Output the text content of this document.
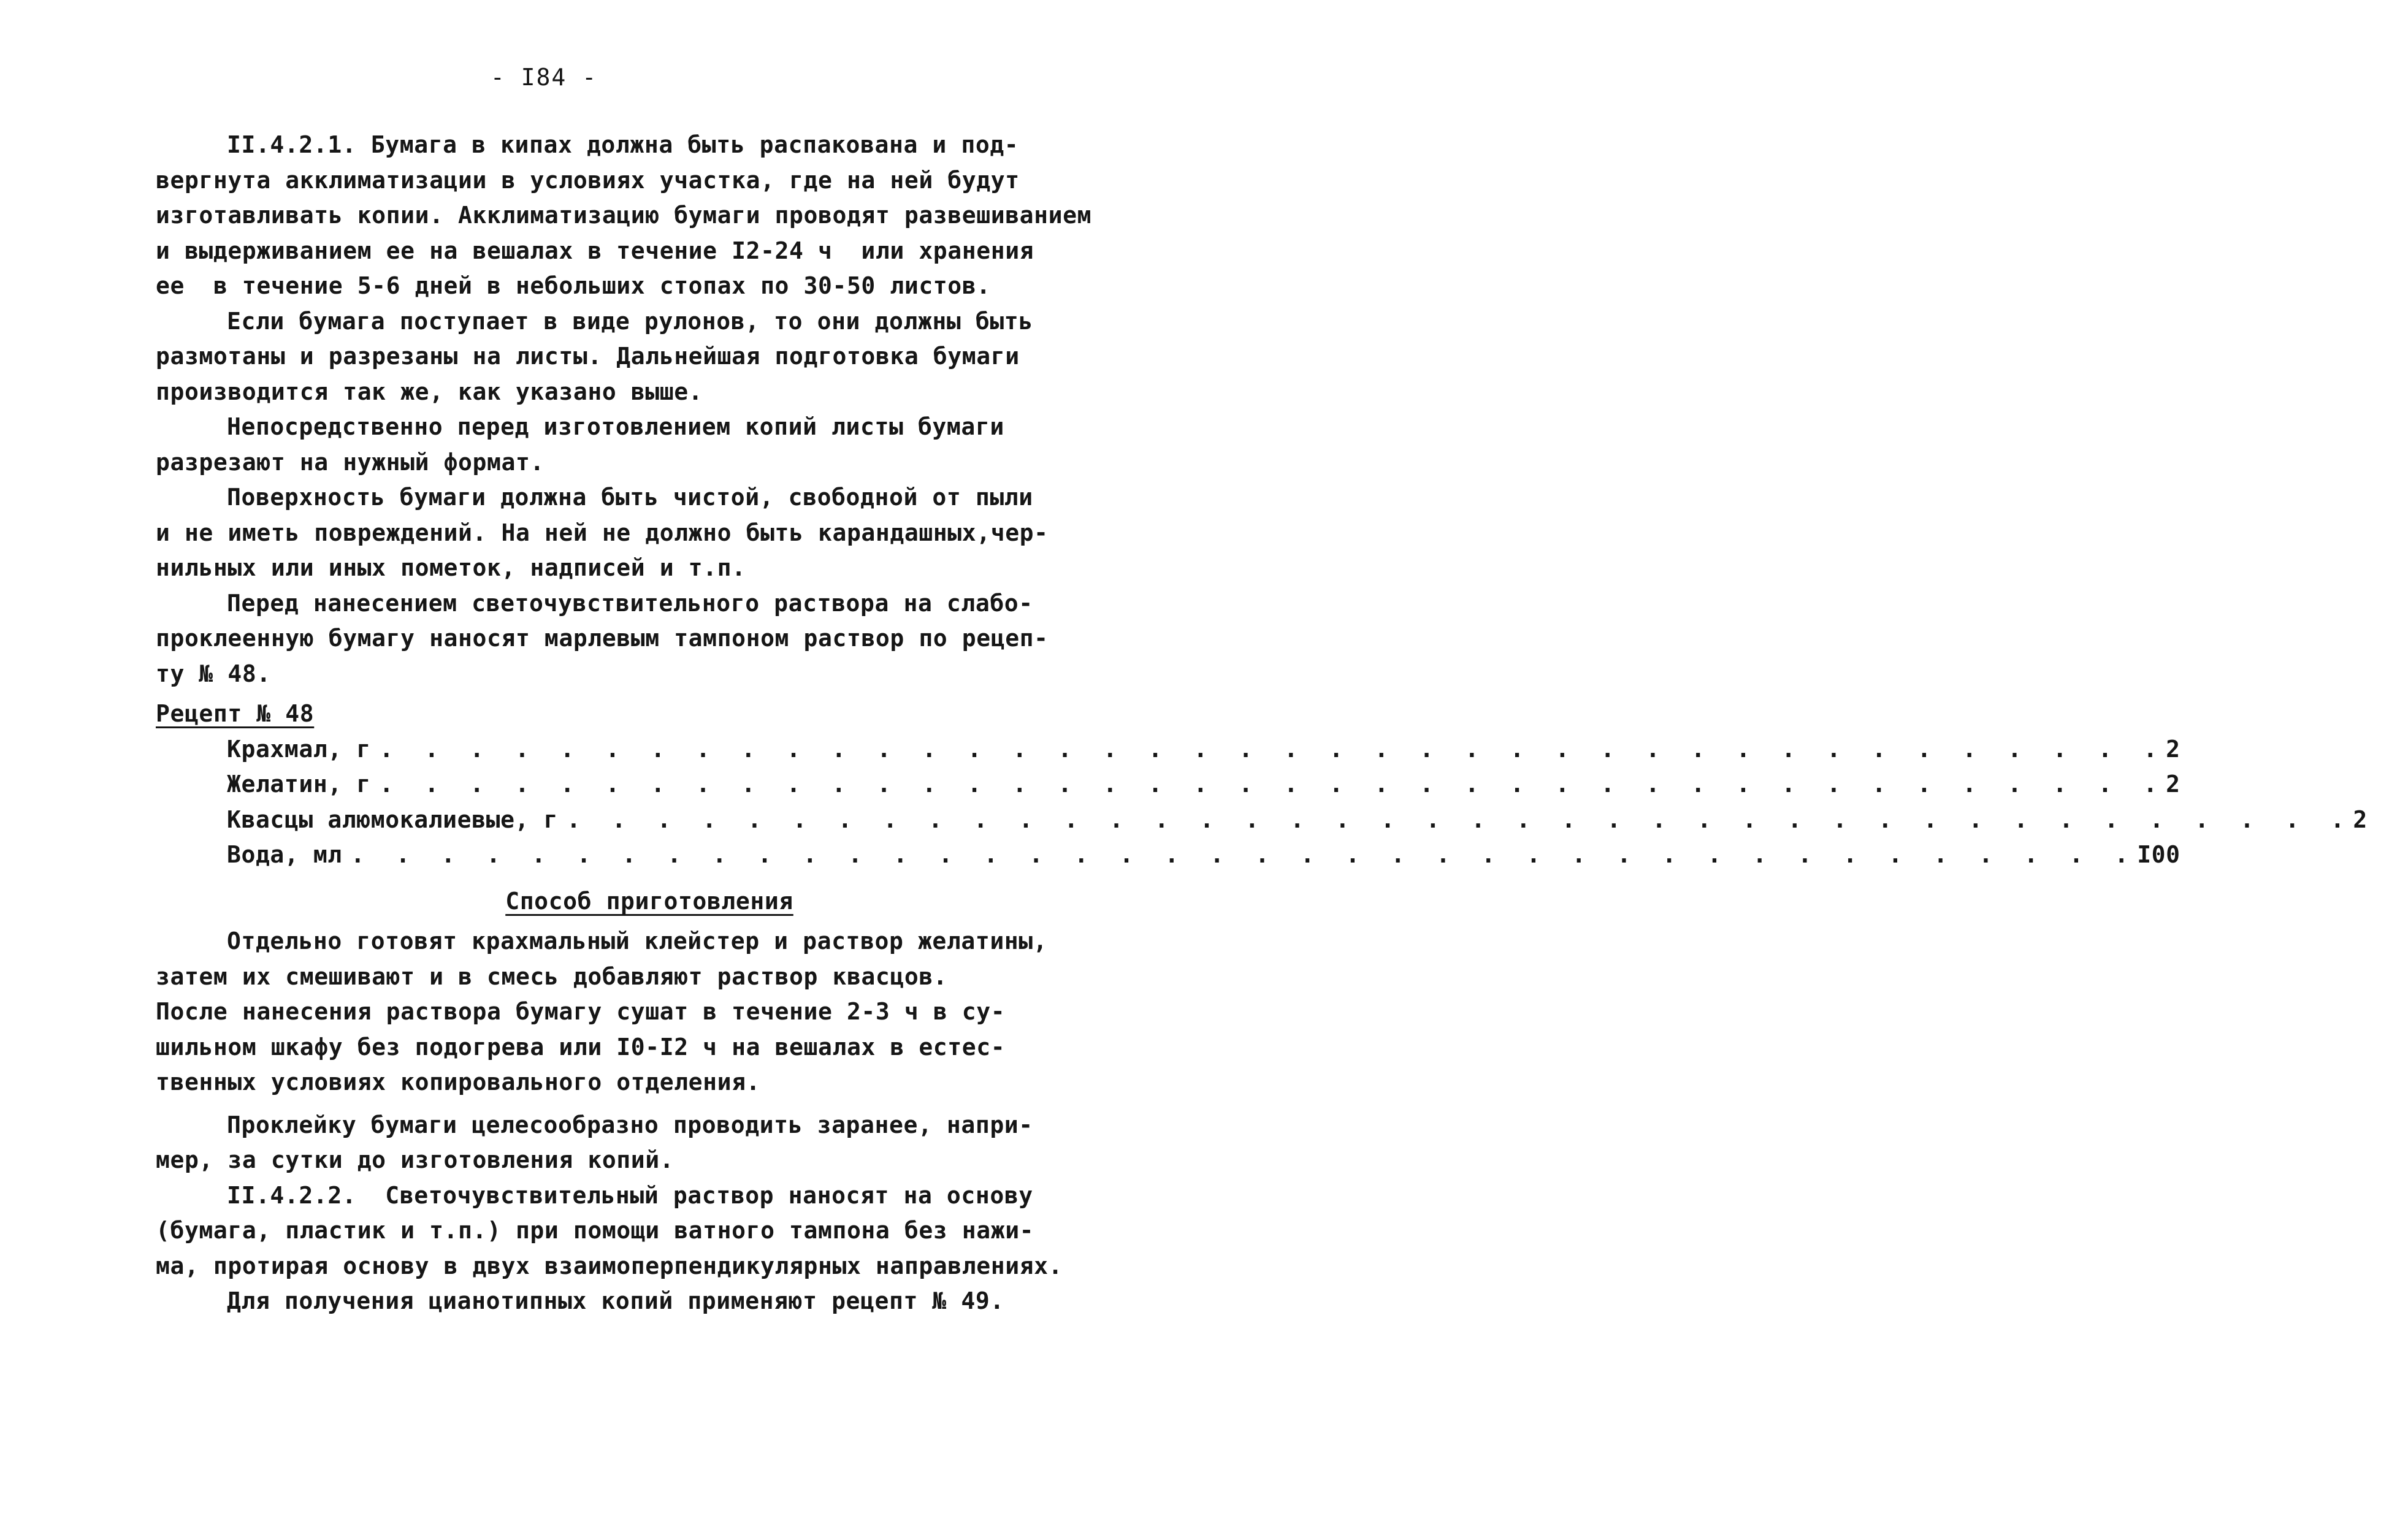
- I84 -
II.4.2.1. Бумага в кипах должна быть распакована и под-
вергнута акклиматизации в условиях участка, где на ней будут
изготавливать копии. Акклиматизацию бумаги проводят развешиванием
и выдерживанием ее на вешалах в течение I2-24 ч  или хранения
ее  в течение 5-6 дней в небольших стопах по 30-50 листов.
Если бумага поступает в виде рулонов, то они должны быть
размотаны и разрезаны на листы. Дальнейшая подготовка бумаги
производится так же, как указано выше.
Непосредственно перед изготовлением копий листы бумаги
разрезают на нужный формат.
Поверхность бумаги должна быть чистой, свободной от пыли
и не иметь повреждений. На ней не должно быть карандашных,чер-
нильных или иных пометок, надписей и т.п.
Перед нанесением светочувствительного раствора на слабо-
проклеенную бумагу наносят марлевым тампоном раствор по рецеп-
ту № 48.
Рецепт № 48
Крахмал, г . . . . . . . . . . . . . . . . . . . . . . . . . . . . . . . . . . . . . . . . 2
Желатин, г . . . . . . . . . . . . . . . . . . . . . . . . . . . . . . . . . . . . . . . . 2
Квасцы алюмокалиевые, г . . . . . . . . . . . . . . . . . . . . . . . . . . . . . . . . . . . . . . . . 2
Вода, мл . . . . . . . . . . . . . . . . . . . . . . . . . . . . . . . . . . . . . . . . I00
Способ приготовления
Отдельно готовят крахмальный клейстер и раствор желатины,
затем их смешивают и в смесь добавляют раствор квасцов.
После нанесения раствора бумагу сушат в течение 2-3 ч в су-
шильном шкафу без подогрева или I0-I2 ч на вешалах в естес-
твенных условиях копировального отделения.
Проклейку бумаги целесообразно проводить заранее, напри-
мер, за сутки до изготовления копий.
II.4.2.2.  Светочувствительный раствор наносят на основу
(бумага, пластик и т.п.) при помощи ватного тампона без нажи-
ма, протирая основу в двух взаимоперпендикулярных направлениях.
Для получения цианотипных копий применяют рецепт № 49.
